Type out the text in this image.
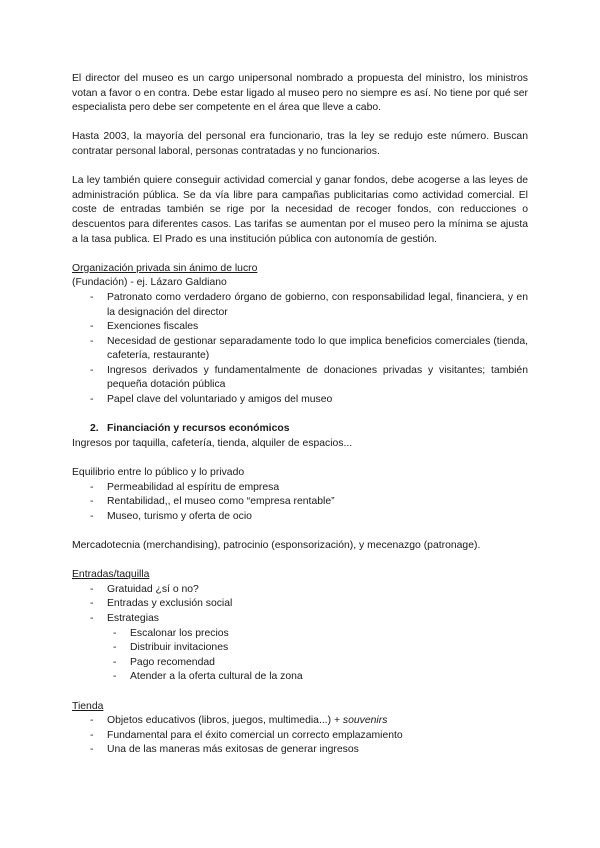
El director del museo es un cargo unipersonal nombrado a propuesta del ministro, los ministros votan a favor o en contra. Debe estar ligado al museo pero no siempre es así. No tiene por qué ser especialista pero debe ser competente en el área que lleve a cabo.

Hasta 2003, la mayoría del personal era funcionario, tras la ley se redujo este número. Buscan contratar personal laboral, personas contratadas y no funcionarios.

La ley también quiere conseguir actividad comercial y ganar fondos, debe acogerse a las leyes de administración pública. Se da vía libre para campañas publicitarias como actividad comercial. El coste de entradas también se rige por la necesidad de recoger fondos, con reducciones o descuentos para diferentes casos. Las tarifas se aumentan por el museo pero la mínima se ajusta a la tasa publica. El Prado es una institución pública con autonomía de gestión.

Organización privada sin ánimo de lucro

(Fundación) - ej. Lázaro Galdiano

- Patronato como verdadero órgano de gobierno, con responsabilidad legal, financiera, y en la designación del director
- Exenciones fiscales
- Necesidad de gestionar separadamente todo lo que implica beneficios comerciales (tienda, cafetería, restaurante)
- Ingresos derivados y fundamentalmente de donaciones privadas y visitantes; también pequeña dotación pública
- Papel clave del voluntariado y amigos del museo

2. Financiación y recursos económicos

Ingresos por taquilla, cafetería, tienda, alquiler de espacios...

Equilibrio entre lo público y lo privado

- Permeabilidad al espíritu de empresa
- Rentabilidad,, el museo como “empresa rentable”
- Museo, turismo y oferta de ocio

Mercadotecnia (merchandising), patrocinio (esponsorización), y mecenazgo (patronage).

Entradas/taquilla

- Gratuidad ¿sí o no?
- Entradas y exclusión social
- Estrategias
- Escalonar los precios
- Distribuir invitaciones
- Pago recomendad
- Atender a la oferta cultural de la zona

Tienda

- Objetos educativos (libros, juegos, multimedia...) + souvenirs
- Fundamental para el éxito comercial un correcto emplazamiento
- Una de las maneras más exitosas de generar ingresos
